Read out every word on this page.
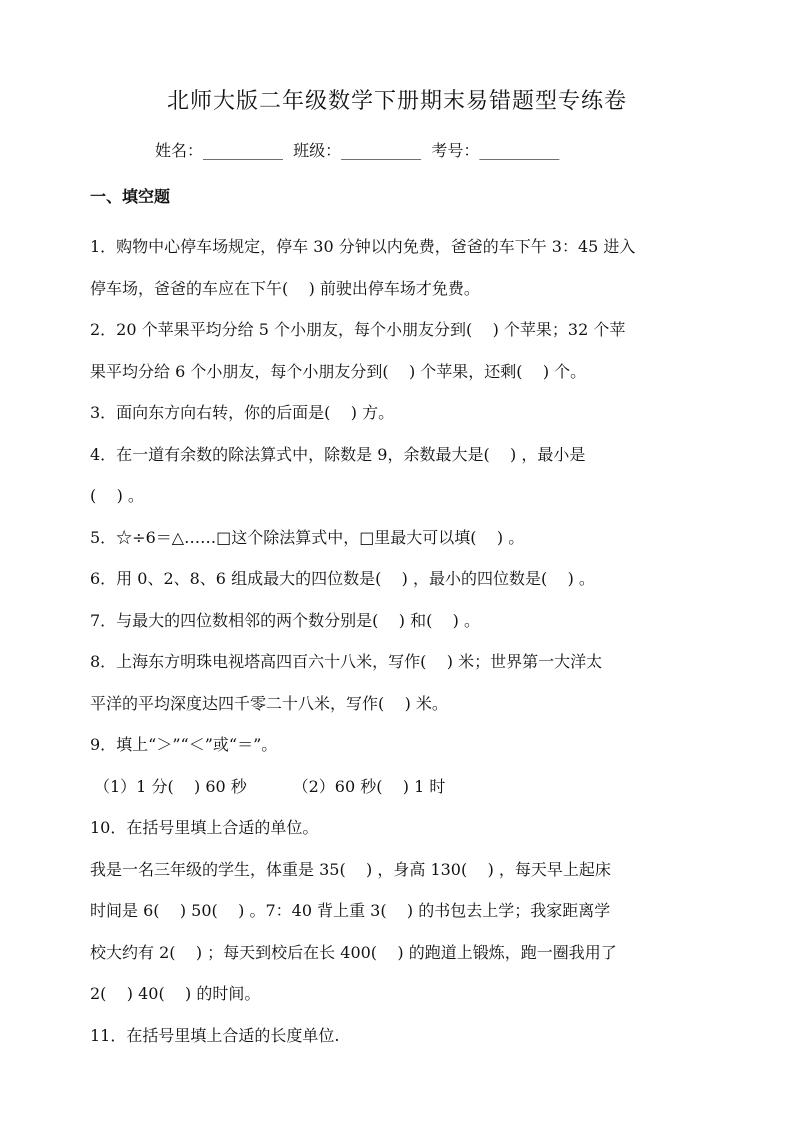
北师大版二年级数学下册期末易错题型专练卷
姓名：__________  班级：__________  考号：__________
一、填空题
1．购物中心停车场规定，停车 30 分钟以内免费，爸爸的车下午 3：45 进入
停车场，爸爸的车应在下午(    ) 前驶出停车场才免费。
2．20 个苹果平均分给 5 个小朋友，每个小朋友分到(    ) 个苹果；32 个苹
果平均分给 6 个小朋友，每个小朋友分到(    ) 个苹果，还剩(    ) 个。
3．面向东方向右转，你的后面是(    ) 方。
4．在一道有余数的除法算式中，除数是 9，余数最大是(    ) ，最小是
(    ) 。
5．☆÷6＝△……□这个除法算式中，□里最大可以填(    ) 。
6．用 0、2、8、6 组成最大的四位数是(    ) ，最小的四位数是(    ) 。
7．与最大的四位数相邻的两个数分别是(    ) 和(    ) 。
8．上海东方明珠电视塔高四百六十八米，写作(    ) 米；世界第一大洋太
平洋的平均深度达四千零二十八米，写作(    ) 米。
9．填上“＞”“＜”或“＝”。
（1）1 分(    ) 60 秒         （2）60 秒(    ) 1 时
10．在括号里填上合适的单位。
我是一名三年级的学生，体重是 35(    ) ，身高 130(    ) ，每天早上起床
时间是 6(    ) 50(    ) 。7：40 背上重 3(    ) 的书包去上学；我家距离学
校大约有 2(    ) ；每天到校后在长 400(    ) 的跑道上锻炼，跑一圈我用了
2(    ) 40(    ) 的时间。
11．在括号里填上合适的长度单位.
